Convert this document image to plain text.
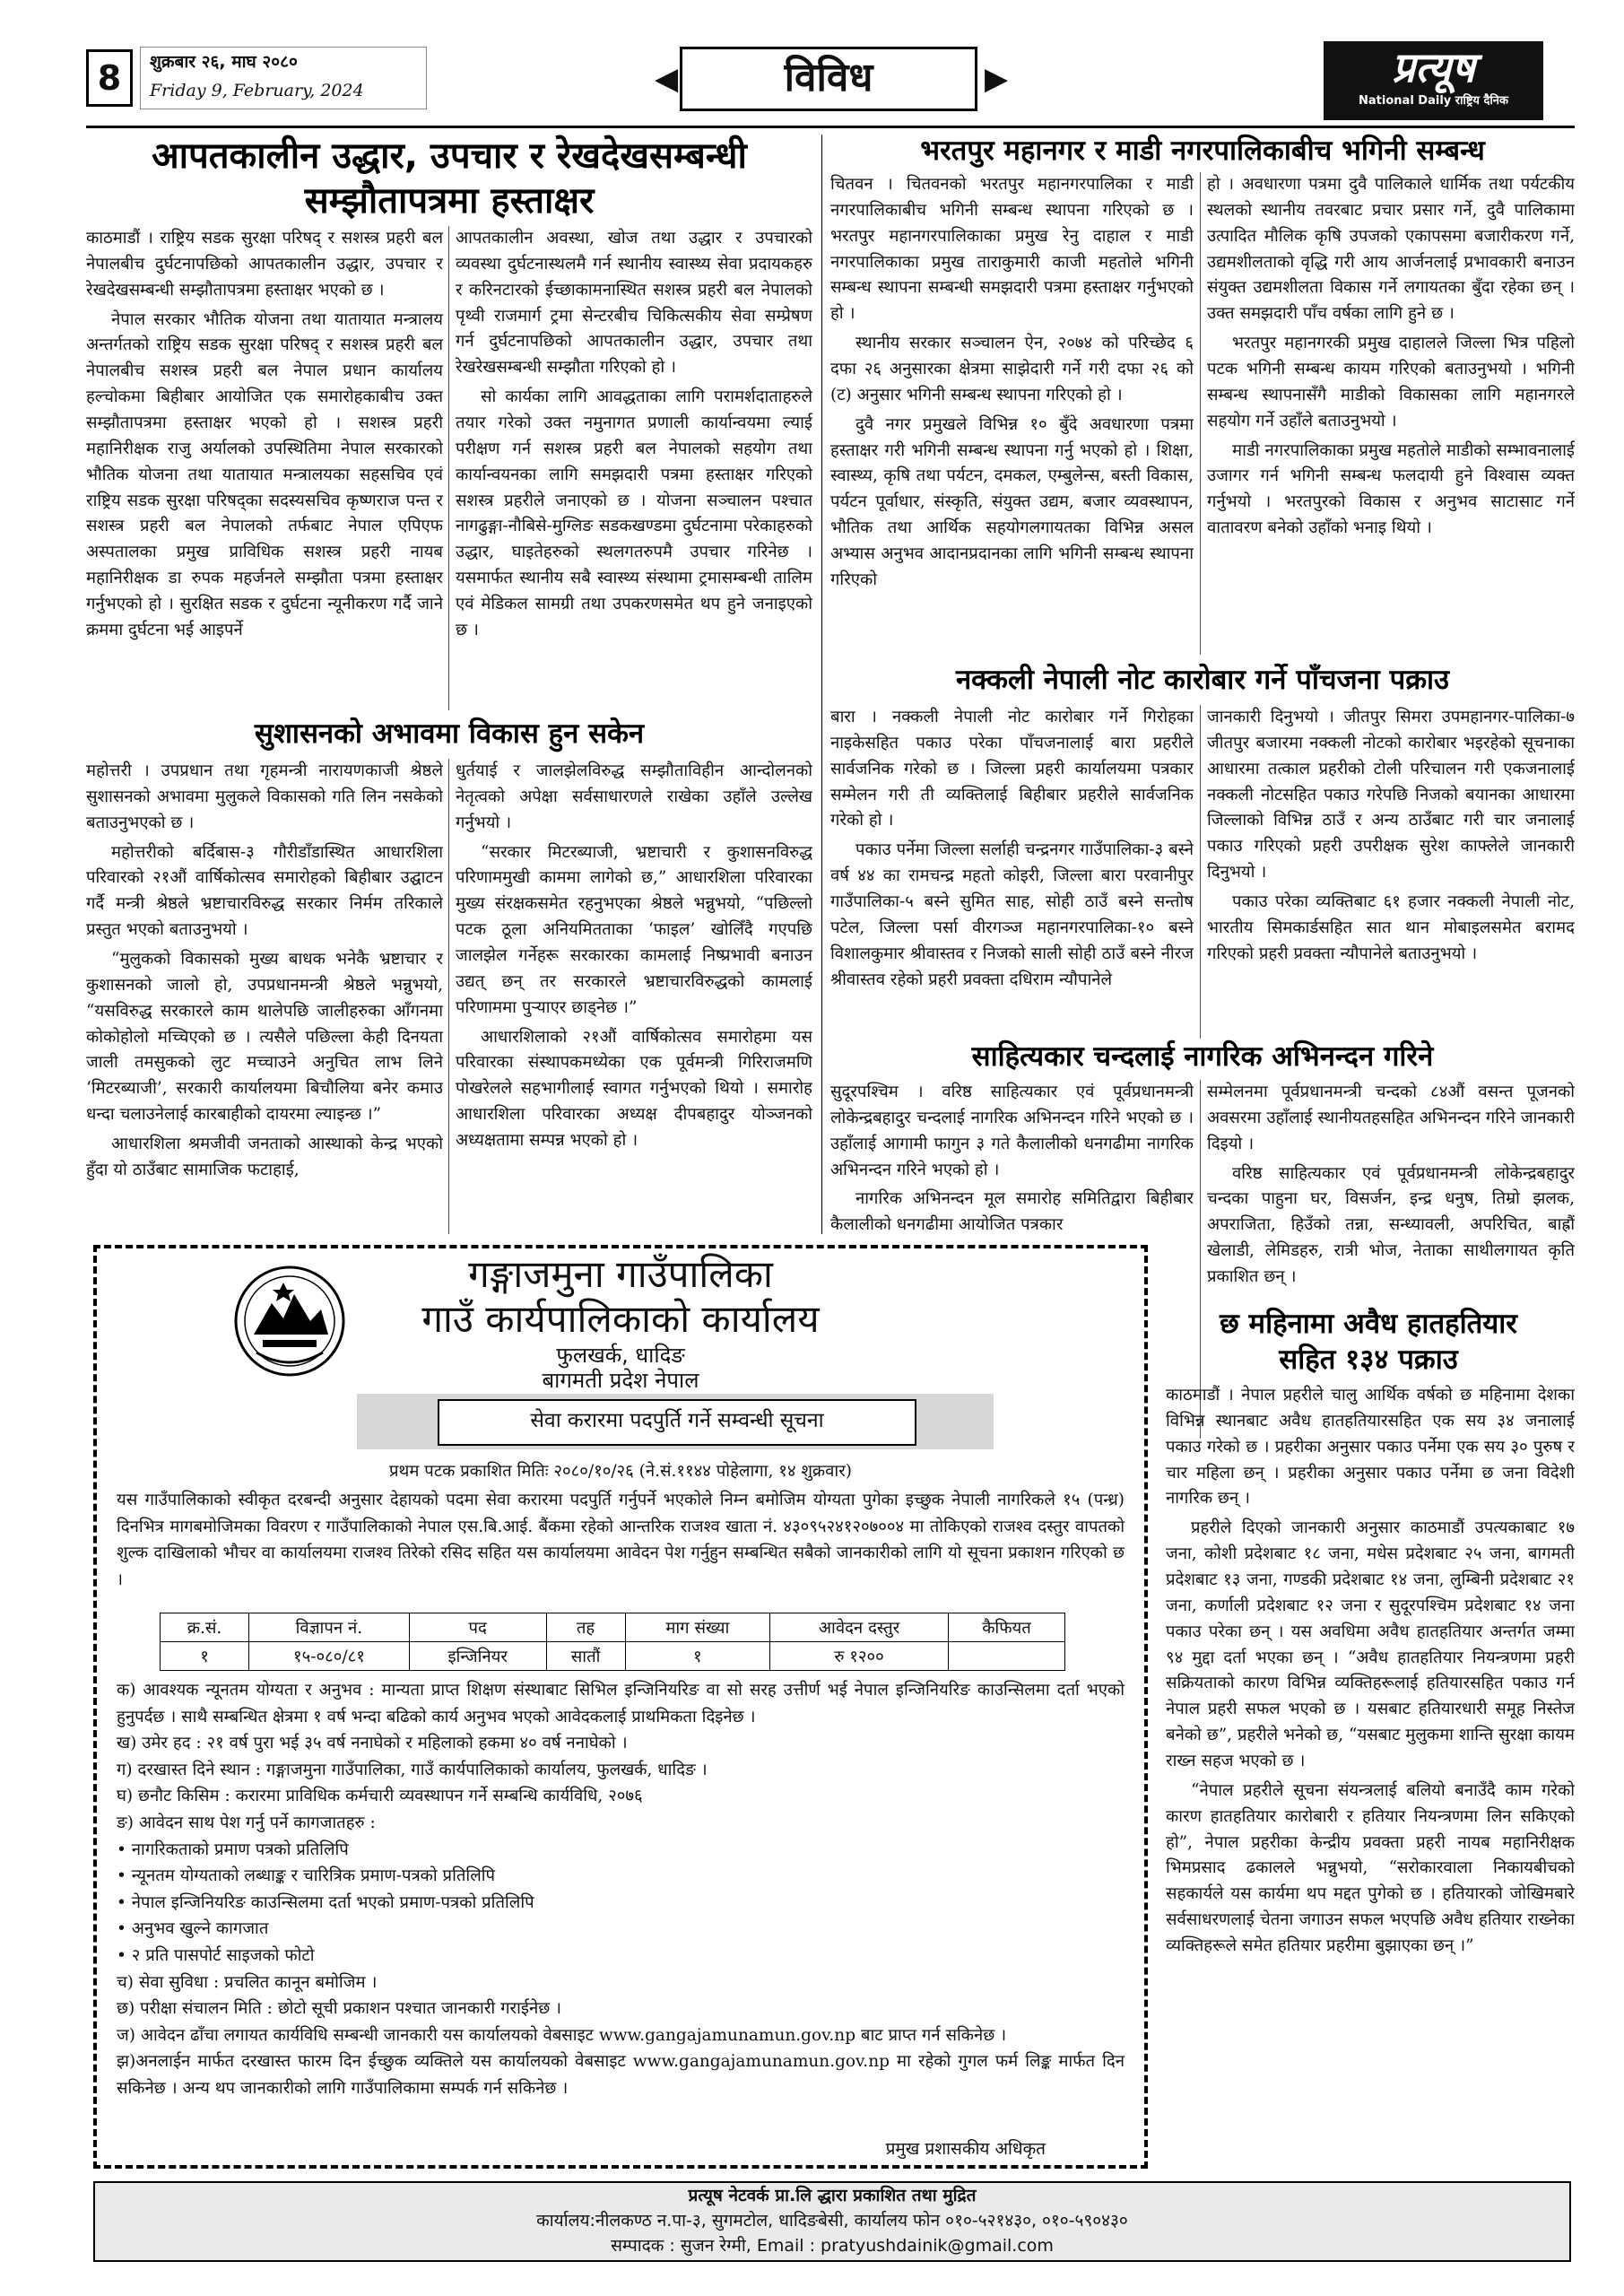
8	शुक्रबार २६, माघ २०८०
Friday 9, February, 2024	◀	विविध	▶	प्रत्यूष
National Daily राष्ट्रिय दैनिक
आपतकालीन उद्धार, उपचार र रेखदेखसम्बन्धी
सम्झौतापत्रमा हस्ताक्षर

काठमाडौं । राष्ट्रिय सडक सुरक्षा परिषद् र सशस्त्र प्रहरी बल नेपालबीच दुर्घटनापछिको आपतकालीन उद्धार, उपचार र रेखदेखसम्बन्धी सम्झौतापत्रमा हस्ताक्षर भएको छ ।

नेपाल सरकार भौतिक योजना तथा यातायात मन्त्रालय अन्तर्गतको राष्ट्रिय सडक सुरक्षा परिषद् र सशस्त्र प्रहरी बल नेपालबीच सशस्त्र प्रहरी बल नेपाल प्रधान कार्यालय हल्चोकमा बिहीबार आयोजित एक समारोहकाबीच उक्त सम्झौतापत्रमा हस्ताक्षर भएको हो । सशस्त्र प्रहरी महानिरीक्षक राजु अर्यालको उपस्थितिमा नेपाल सरकारको भौतिक योजना तथा यातायात मन्त्रालयका सहसचिव एवं राष्ट्रिय सडक सुरक्षा परिषद्का सदस्यसचिव कृष्णराज पन्त र सशस्त्र प्रहरी बल नेपालको तर्फबाट नेपाल एपिएफ अस्पतालका प्रमुख प्राविधिक सशस्त्र प्रहरी नायब महानिरीक्षक डा रुपक महर्जनले सम्झौता पत्रमा हस्ताक्षर गर्नुभएको हो । सुरक्षित सडक र दुर्घटना न्यूनीकरण गर्दै जाने क्रममा दुर्घटना भई आइपर्ने

आपतकालीन अवस्था, खोज तथा उद्धार र उपचारको व्यवस्था दुर्घटनास्थलमै गर्न स्थानीय स्वास्थ्य सेवा प्रदायकहरु र करिनटारको ईच्छाकामनास्थित सशस्त्र प्रहरी बल नेपालको पृथ्वी राजमार्ग ट्रमा सेन्टरबीच चिकित्सकीय सेवा सम्प्रेषण गर्न दुर्घटनापछिको आपतकालीन उद्धार, उपचार तथा रेखरेखसम्बन्धी सम्झौता गरिएको हो ।

सो कार्यका लागि आवद्धताका लागि परामर्शदाताहरुले तयार गरेको उक्त नमुनागत प्रणाली कार्यान्वयमा ल्याई परीक्षण गर्न सशस्त्र प्रहरी बल नेपालको सहयोग तथा कार्यान्वयनका लागि समझदारी पत्रमा हस्ताक्षर गरिएको सशस्त्र प्रहरीले जनाएको छ । योजना सञ्चालन पश्चात नागढुङ्गा-नौबिसे-मुग्लिङ सडकखण्डमा दुर्घटनामा परेकाहरुको उद्धार, घाइतेहरुको स्थलगतरुपमै उपचार गरिनेछ । यसमार्फत स्थानीय सबै स्वास्थ्य संस्थामा ट्रमासम्बन्धी तालिम एवं मेडिकल सामग्री तथा उपकरणसमेत थप हुने जनाइएको छ ।

सुशासनको अभावमा विकास हुन सकेन

महोत्तरी । उपप्रधान तथा गृहमन्त्री नारायणकाजी श्रेष्ठले सुशासनको अभावमा मुलुकले विकासको गति लिन नसकेको बताउनुभएको छ ।

महोत्तरीको बर्दिबास-३ गौरीडाँडास्थित आधारशिला परिवारको २१औं वार्षिकोत्सव समारोहको बिहीबार उद्घाटन गर्दै मन्त्री श्रेष्ठले भ्रष्टाचारविरुद्ध सरकार निर्मम तरिकाले प्रस्तुत भएको बताउनुभयो ।

“मुलुकको विकासको मुख्य बाधक भनेकै भ्रष्टाचार र कुशासनको जालो हो, उपप्रधानमन्त्री श्रेष्ठले भन्नुभयो, “यसविरुद्ध सरकारले काम थालेपछि जालीहरुका आँगनमा कोकोहोलो मच्चिएको छ । त्यसैले पछिल्ला केही दिनयता जाली तमसुकको लुट मच्चाउने अनुचित लाभ लिने ‘मिटरब्याजी’, सरकारी कार्यालयमा बिचौलिया बनेर कमाउ धन्दा चलाउनेलाई कारबाहीको दायरमा ल्याइन्छ ।”

आधारशिला श्रमजीवी जनताको आस्थाको केन्द्र भएको हुँदा यो ठाउँबाट सामाजिक फटाहाई,

धुर्तयाई र जालझेलविरुद्ध सम्झौताविहीन आन्दोलनको नेतृत्वको अपेक्षा सर्वसाधारणले राखेका उहाँले उल्लेख गर्नुभयो ।

“सरकार मिटरब्याजी, भ्रष्टाचारी र कुशासनविरुद्ध परिणाममुखी काममा लागेको छ,” आधारशिला परिवारका मुख्य संरक्षकसमेत रहनुभएका श्रेष्ठले भन्नुभयो, “पछिल्लो पटक ठूला अनियमितताका ‘फाइल’ खोलिँदै गएपछि जालझेल गर्नेहरू सरकारका कामलाई निष्प्रभावी बनाउन उद्यत् छन् तर सरकारले भ्रष्टाचारविरुद्धको कामलाई परिणाममा पुऱ्याएर छाड्नेछ ।”

आधारशिलाको २१औं वार्षिकोत्सव समारोहमा यस परिवारका संस्थापकमध्येका एक पूर्वमन्त्री गिरिराजमणि पोखरेलले सहभागीलाई स्वागत गर्नुभएको थियो । समारोह आधारशिला परिवारका अध्यक्ष दीपबहादुर योञ्जनको अध्यक्षतामा सम्पन्न भएको हो ।

भरतपुर महानगर र माडी नगरपालिकाबीच भगिनी सम्बन्ध

चितवन । चितवनको भरतपुर महानगरपालिका र माडी नगरपालिकाबीच भगिनी सम्बन्ध स्थापना गरिएको छ । भरतपुर महानगरपालिकाका प्रमुख रेनु दाहाल र माडी नगरपालिकाका प्रमुख ताराकुमारी काजी महतोले भगिनी सम्बन्ध स्थापना सम्बन्धी समझदारी पत्रमा हस्ताक्षर गर्नुभएको हो ।

स्थानीय सरकार सञ्चालन ऐन, २०७४ को परिच्छेद ६ दफा २६ अनुसारका क्षेत्रमा साझेदारी गर्ने गरी दफा २६ को (ट) अनुसार भगिनी सम्बन्ध स्थापना गरिएको हो ।

दुवै नगर प्रमुखले विभिन्न १० बुँदे अवधारणा पत्रमा हस्ताक्षर गरी भगिनी सम्बन्ध स्थापना गर्नु भएको हो । शिक्षा, स्वास्थ्य, कृषि तथा पर्यटन, दमकल, एम्बुलेन्स, बस्ती विकास, पर्यटन पूर्वाधार, संस्कृति, संयुक्त उद्यम, बजार व्यवस्थापन, भौतिक तथा आर्थिक सहयोगलगायतका विभिन्न असल अभ्यास अनुभव आदानप्रदानका लागि भगिनी सम्बन्ध स्थापना गरिएको

हो । अवधारणा पत्रमा दुवै पालिकाले धार्मिक तथा पर्यटकीय स्थलको स्थानीय तवरबाट प्रचार प्रसार गर्ने, दुवै पालिकामा उत्पादित मौलिक कृषि उपजको एकापसमा बजारीकरण गर्ने, उद्यमशीलताको वृद्धि गरी आय आर्जनलाई प्रभावकारी बनाउन संयुक्त उद्यमशीलता विकास गर्ने लगायतका बुँदा रहेका छन् । उक्त समझदारी पाँच वर्षका लागि हुने छ ।

भरतपुर महानगरकी प्रमुख दाहालले जिल्ला भित्र पहिलो पटक भगिनी सम्बन्ध कायम गरिएको बताउनुभयो । भगिनी सम्बन्ध स्थापनासँगै माडीको विकासका लागि महानगरले सहयोग गर्ने उहाँले बताउनुभयो ।

माडी नगरपालिकाका प्रमुख महतोले माडीको सम्भावनालाई उजागर गर्न भगिनी सम्बन्ध फलदायी हुने विश्वास व्यक्त गर्नुभयो । भरतपुरको विकास र अनुभव साटासाट गर्ने वातावरण बनेको उहाँको भनाइ थियो ।

नक्कली नेपाली नोट कारोबार गर्ने पाँचजना पक्राउ

बारा । नक्कली नेपाली नोट कारोबार गर्ने गिरोहका नाइकेसहित पकाउ परेका पाँचजनालाई बारा प्रहरीले सार्वजनिक गरेको छ । जिल्ला प्रहरी कार्यालयमा पत्रकार सम्मेलन गरी ती व्यक्तिलाई बिहीबार प्रहरीले सार्वजनिक गरेको हो ।

पकाउ पर्नेमा जिल्ला सर्लाही चन्द्रनगर गाउँपालिका-३ बस्ने वर्ष ४४ का रामचन्द्र महतो कोइरी, जिल्ला बारा परवानीपुर गाउँपालिका-५ बस्ने सुमित साह, सोही ठाउँ बस्ने सन्तोष पटेल, जिल्ला पर्सा वीरगञ्ज महानगरपालिका-१० बस्ने विशालकुमार श्रीवास्तव र निजको साली सोही ठाउँ बस्ने नीरज श्रीवास्तव रहेको प्रहरी प्रवक्ता दधिराम न्यौपानेले

जानकारी दिनुभयो । जीतपुर सिमरा उपमहानगर-पालिका-७ जीतपुर बजारमा नक्कली नोटको कारोबार भइरहेको सूचनाका आधारमा तत्काल प्रहरीको टोली परिचालन गरी एकजनालाई नक्कली नोटसहित पकाउ गरेपछि निजको बयानका आधारमा जिल्लाको विभिन्न ठाउँ र अन्य ठाउँबाट गरी चार जनालाई पकाउ गरिएको प्रहरी उपरीक्षक सुरेश काफ्लेले जानकारी दिनुभयो ।

पकाउ परेका व्यक्तिबाट ६१ हजार नक्कली नेपाली नोट, भारतीय सिमकार्डसहित सात थान मोबाइलसमेत बरामद गरिएको प्रहरी प्रवक्ता न्यौपानेले बताउनुभयो ।

साहित्यकार चन्दलाई नागरिक अभिनन्दन गरिने

सुदूरपश्चिम । वरिष्ठ साहित्यकार एवं पूर्वप्रधानमन्त्री लोकेन्द्रबहादुर चन्दलाई नागरिक अभिनन्दन गरिने भएको छ । उहाँलाई आगामी फागुन ३ गते कैलालीको धनगढीमा नागरिक अभिनन्दन गरिने भएको हो ।

नागरिक अभिनन्दन मूल समारोह समितिद्वारा बिहीबार कैलालीको धनगढीमा आयोजित पत्रकार

सम्मेलनमा पूर्वप्रधानमन्त्री चन्दको ८४औं वसन्त पूजनको अवसरमा उहाँलाई स्थानीयतहसहित अभिनन्दन गरिने जानकारी दिइयो ।

वरिष्ठ साहित्यकार एवं पूर्वप्रधानमन्त्री लोकेन्द्रबहादुर चन्दका पाहुना घर, विसर्जन, इन्द्र धनुष, तिम्रो झलक, अपराजिता, हिउँको तन्ना, सन्ध्यावली, अपरिचित, बाह्रौं खेलाडी, लेमिडहरु, रात्री भोज, नेताका साथीलगायत कृति प्रकाशित छन् ।

छ महिनामा अवैध हातहतियार
सहित १३४ पक्राउ

काठमाडौं । नेपाल प्रहरीले चालु आर्थिक वर्षको छ महिनामा देशका विभिन्न स्थानबाट अवैध हातहतियारसहित एक सय ३४ जनालाई पकाउ गरेको छ । प्रहरीका अनुसार पकाउ पर्नेमा एक सय ३० पुरुष र चार महिला छन् । प्रहरीका अनुसार पकाउ पर्नेमा छ जना विदेशी नागरिक छन् ।

प्रहरीले दिएको जानकारी अनुसार काठमाडौं उपत्यकाबाट १७ जना, कोशी प्रदेशबाट १८ जना, मधेस प्रदेशबाट २५ जना, बागमती प्रदेशबाट १३ जना, गण्डकी प्रदेशबाट १४ जना, लुम्बिनी प्रदेशबाट २१ जना, कर्णाली प्रदेशबाट १२ जना र सुदूरपश्चिम प्रदेशबाट १४ जना पकाउ परेका छन् । यस अवधिमा अवैध हातहतियार अन्तर्गत जम्मा ९४ मुद्दा दर्ता भएका छन् । “अवैध हातहतियार नियन्त्रणमा प्रहरी सक्रियताको कारण विभिन्न व्यक्तिहरूलाई हतियारसहित पकाउ गर्न नेपाल प्रहरी सफल भएको छ । यसबाट हतियारधारी समूह निस्तेज बनेको छ”, प्रहरीले भनेको छ, “यसबाट मुलुकमा शान्ति सुरक्षा कायम राख्न सहज भएको छ ।

“नेपाल प्रहरीले सूचना संयन्त्रलाई बलियो बनाउँदै काम गरेको कारण हातहतियार कारोबारी र हतियार नियन्त्रणमा लिन सकिएको हो”, नेपाल प्रहरीका केन्द्रीय प्रवक्ता प्रहरी नायब महानिरीक्षक भिमप्रसाद ढकालले भन्नुभयो, “सरोकारवाला निकायबीचको सहकार्यले यस कार्यमा थप मद्दत पुगेको छ । हतियारको जोखिमबारे सर्वसाधरणलाई चेतना जगाउन सफल भएपछि अवैध हतियार राख्नेका व्यक्तिहरूले समेत हतियार प्रहरीमा बुझाएका छन् ।”

गङ्गाजमुना गाउँपालिका
गाउँ कार्यपालिकाको कार्यालय
फुलखर्क, धादिङ
बागमती प्रदेश नेपाल
सेवा करारमा पदपुर्ति गर्ने सम्वन्धी सूचना
प्रथम पटक प्रकाशित मितिः २०८०/१०/२६ (ने.सं.११४४ पोहेलागा, १४ शुक्रवार)
यस गाउँपालिकाको स्वीकृत दरबन्दी अनुसार देहायको पदमा सेवा करारमा पदपुर्ति गर्नुपर्ने भएकोले निम्न बमोजिम योग्यता पुगेका इच्छुक नेपाली नागरिकले १५ (पन्ध्र) दिनभित्र मागबमोजिमका विवरण र गाउँपालिकाको नेपाल एस.बि.आई. बैंकमा रहेको आन्तरिक राजश्व खाता नं. ४३०९५२४१२०७००४ मा तोकिएको राजश्व दस्तुर वापतको शुल्क दाखिलाको भौचर वा कार्यालयमा राजश्व तिरेको रसिद सहित यस कार्यालयमा आवेदन पेश गर्नुहुन सम्बन्धित सबैको जानकारीको लागि यो सूचना प्रकाशन गरिएको छ ।
क्र.सं.	विज्ञापन नं.	पद	तह	माग संख्या	आवेदन दस्तुर	कैफियत
१	१५-०८०/८१	इन्जिनियर	सातौं	१	रु १२००	
क) आवश्यक न्यूनतम योग्यता र अनुभव : मान्यता प्राप्त शिक्षण संस्थाबाट सिभिल इन्जिनियरिङ वा सो सरह उत्तीर्ण भई नेपाल इन्जिनियरिङ काउन्सिलमा दर्ता भएको हुनुपर्दछ । साथै सम्बन्धित क्षेत्रमा १ वर्ष भन्दा बढिको कार्य अनुभव भएको आवेदकलाई प्राथमिकता दिइनेछ ।
ख) उमेर हद : २१ वर्ष पुरा भई ३५ वर्ष ननाघेको र महिलाको हकमा ४० वर्ष ननाघेको ।
ग) दरखास्त दिने स्थान : गङ्गाजमुना गाउँपालिका, गाउँ कार्यपालिकाको कार्यालय, फुलखर्क, धादिङ ।
घ) छनौट किसिम : करारमा प्राविधिक कर्मचारी व्यवस्थापन गर्ने सम्बन्धि कार्यविधि, २०७६
ङ) आवेदन साथ पेश गर्नु पर्ने कागजातहरु :
• नागरिकताको प्रमाण पत्रको प्रतिलिपि
• न्यूनतम योग्यताको लब्धाङ्क र चारित्रिक प्रमाण-पत्रको प्रतिलिपि
• नेपाल इन्जिनियरिङ काउन्सिलमा दर्ता भएको प्रमाण-पत्रको प्रतिलिपि
• अनुभव खुल्ने कागजात
• २ प्रति पासपोर्ट साइजको फोटो
च) सेवा सुविधा : प्रचलित कानून बमोजिम ।
छ) परीक्षा संचालन मिति : छोटो सूची प्रकाशन पश्चात जानकारी गराईनेछ ।
ज) आवेदन ढाँचा लगायत कार्यविधि सम्बन्धी जानकारी यस कार्यालयको वेबसाइट www.gangajamunamun.gov.np बाट प्राप्त गर्न सकिनेछ ।
झ)अनलाईन मार्फत दरखास्त फारम दिन ईच्छुक व्यक्तिले यस कार्यालयको वेबसाइट www.gangajamunamun.gov.np मा रहेको गुगल फर्म लिङ्क मार्फत दिन सकिनेछ । अन्य थप जानकारीको लागि गाउँपालिकामा सम्पर्क गर्न सकिनेछ ।
प्रमुख प्रशासकीय अधिकृत
प्रत्यूष नेटवर्क प्रा.लि द्धारा प्रकाशित तथा मुद्रित
कार्यालय:नीलकण्ठ न.पा-३, सुगमटोल, धादिङबेसी, कार्यालय फोन ०१०-५२१४३०, ०१०-५९०४३०
सम्पादक : सुजन रेग्मी, Email : pratyushdainik@gmail.com
